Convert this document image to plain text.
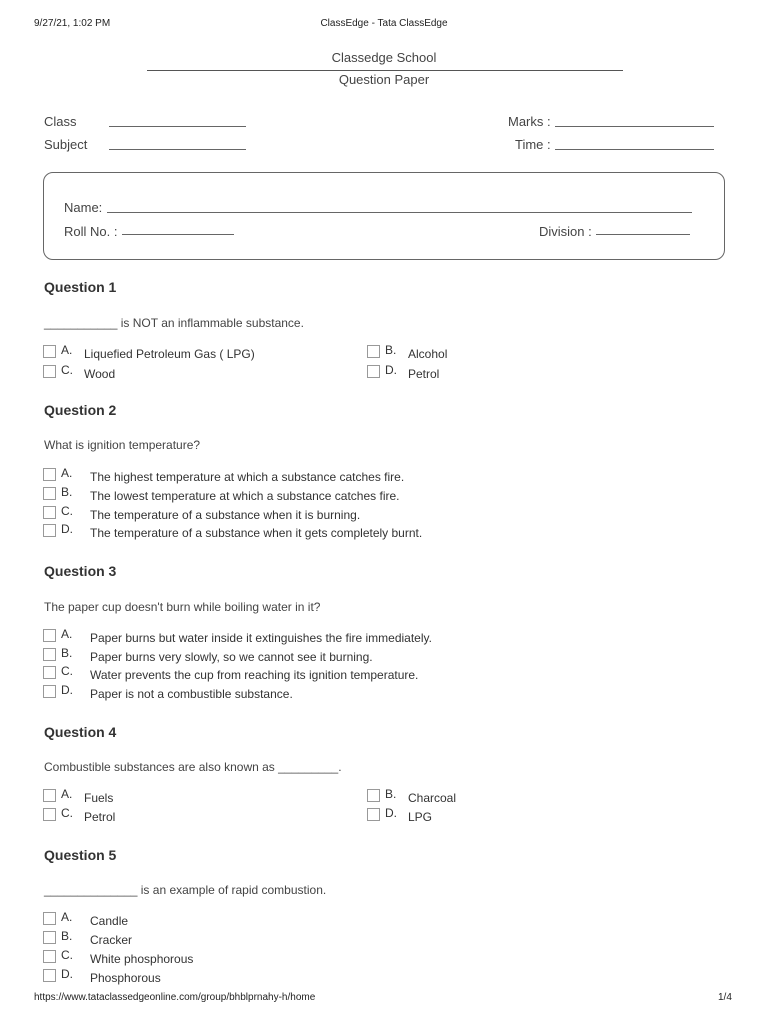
9/27/21, 1:02 PM	ClassEdge - Tata ClassEdge
Classedge School
Question Paper
Class
Subject
Marks :
Time :
Name:
Roll No. :	Division :
Question 1
___________ is NOT an inflammable substance.
A. Liquefied Petroleum Gas ( LPG)	B. Alcohol
C. Wood	D. Petrol
Question 2
What is ignition temperature?
A. The highest temperature at which a substance catches fire.
B. The lowest temperature at which a substance catches fire.
C. The temperature of a substance when it is burning.
D. The temperature of a substance when it gets completely burnt.
Question 3
The paper cup doesn't burn while boiling water in it?
A. Paper burns but water inside it extinguishes the fire immediately.
B. Paper burns very slowly, so we cannot see it burning.
C. Water prevents the cup from reaching its ignition temperature.
D. Paper is not a combustible substance.
Question 4
Combustible substances are also known as _________.
A. Fuels	B. Charcoal
C. Petrol	D. LPG
Question 5
______________ is an example of rapid combustion.
A. Candle
B. Cracker
C. White phosphorous
D. Phosphorous
https://www.tataclassedgeonline.com/group/bhblprnahy-h/home	1/4
